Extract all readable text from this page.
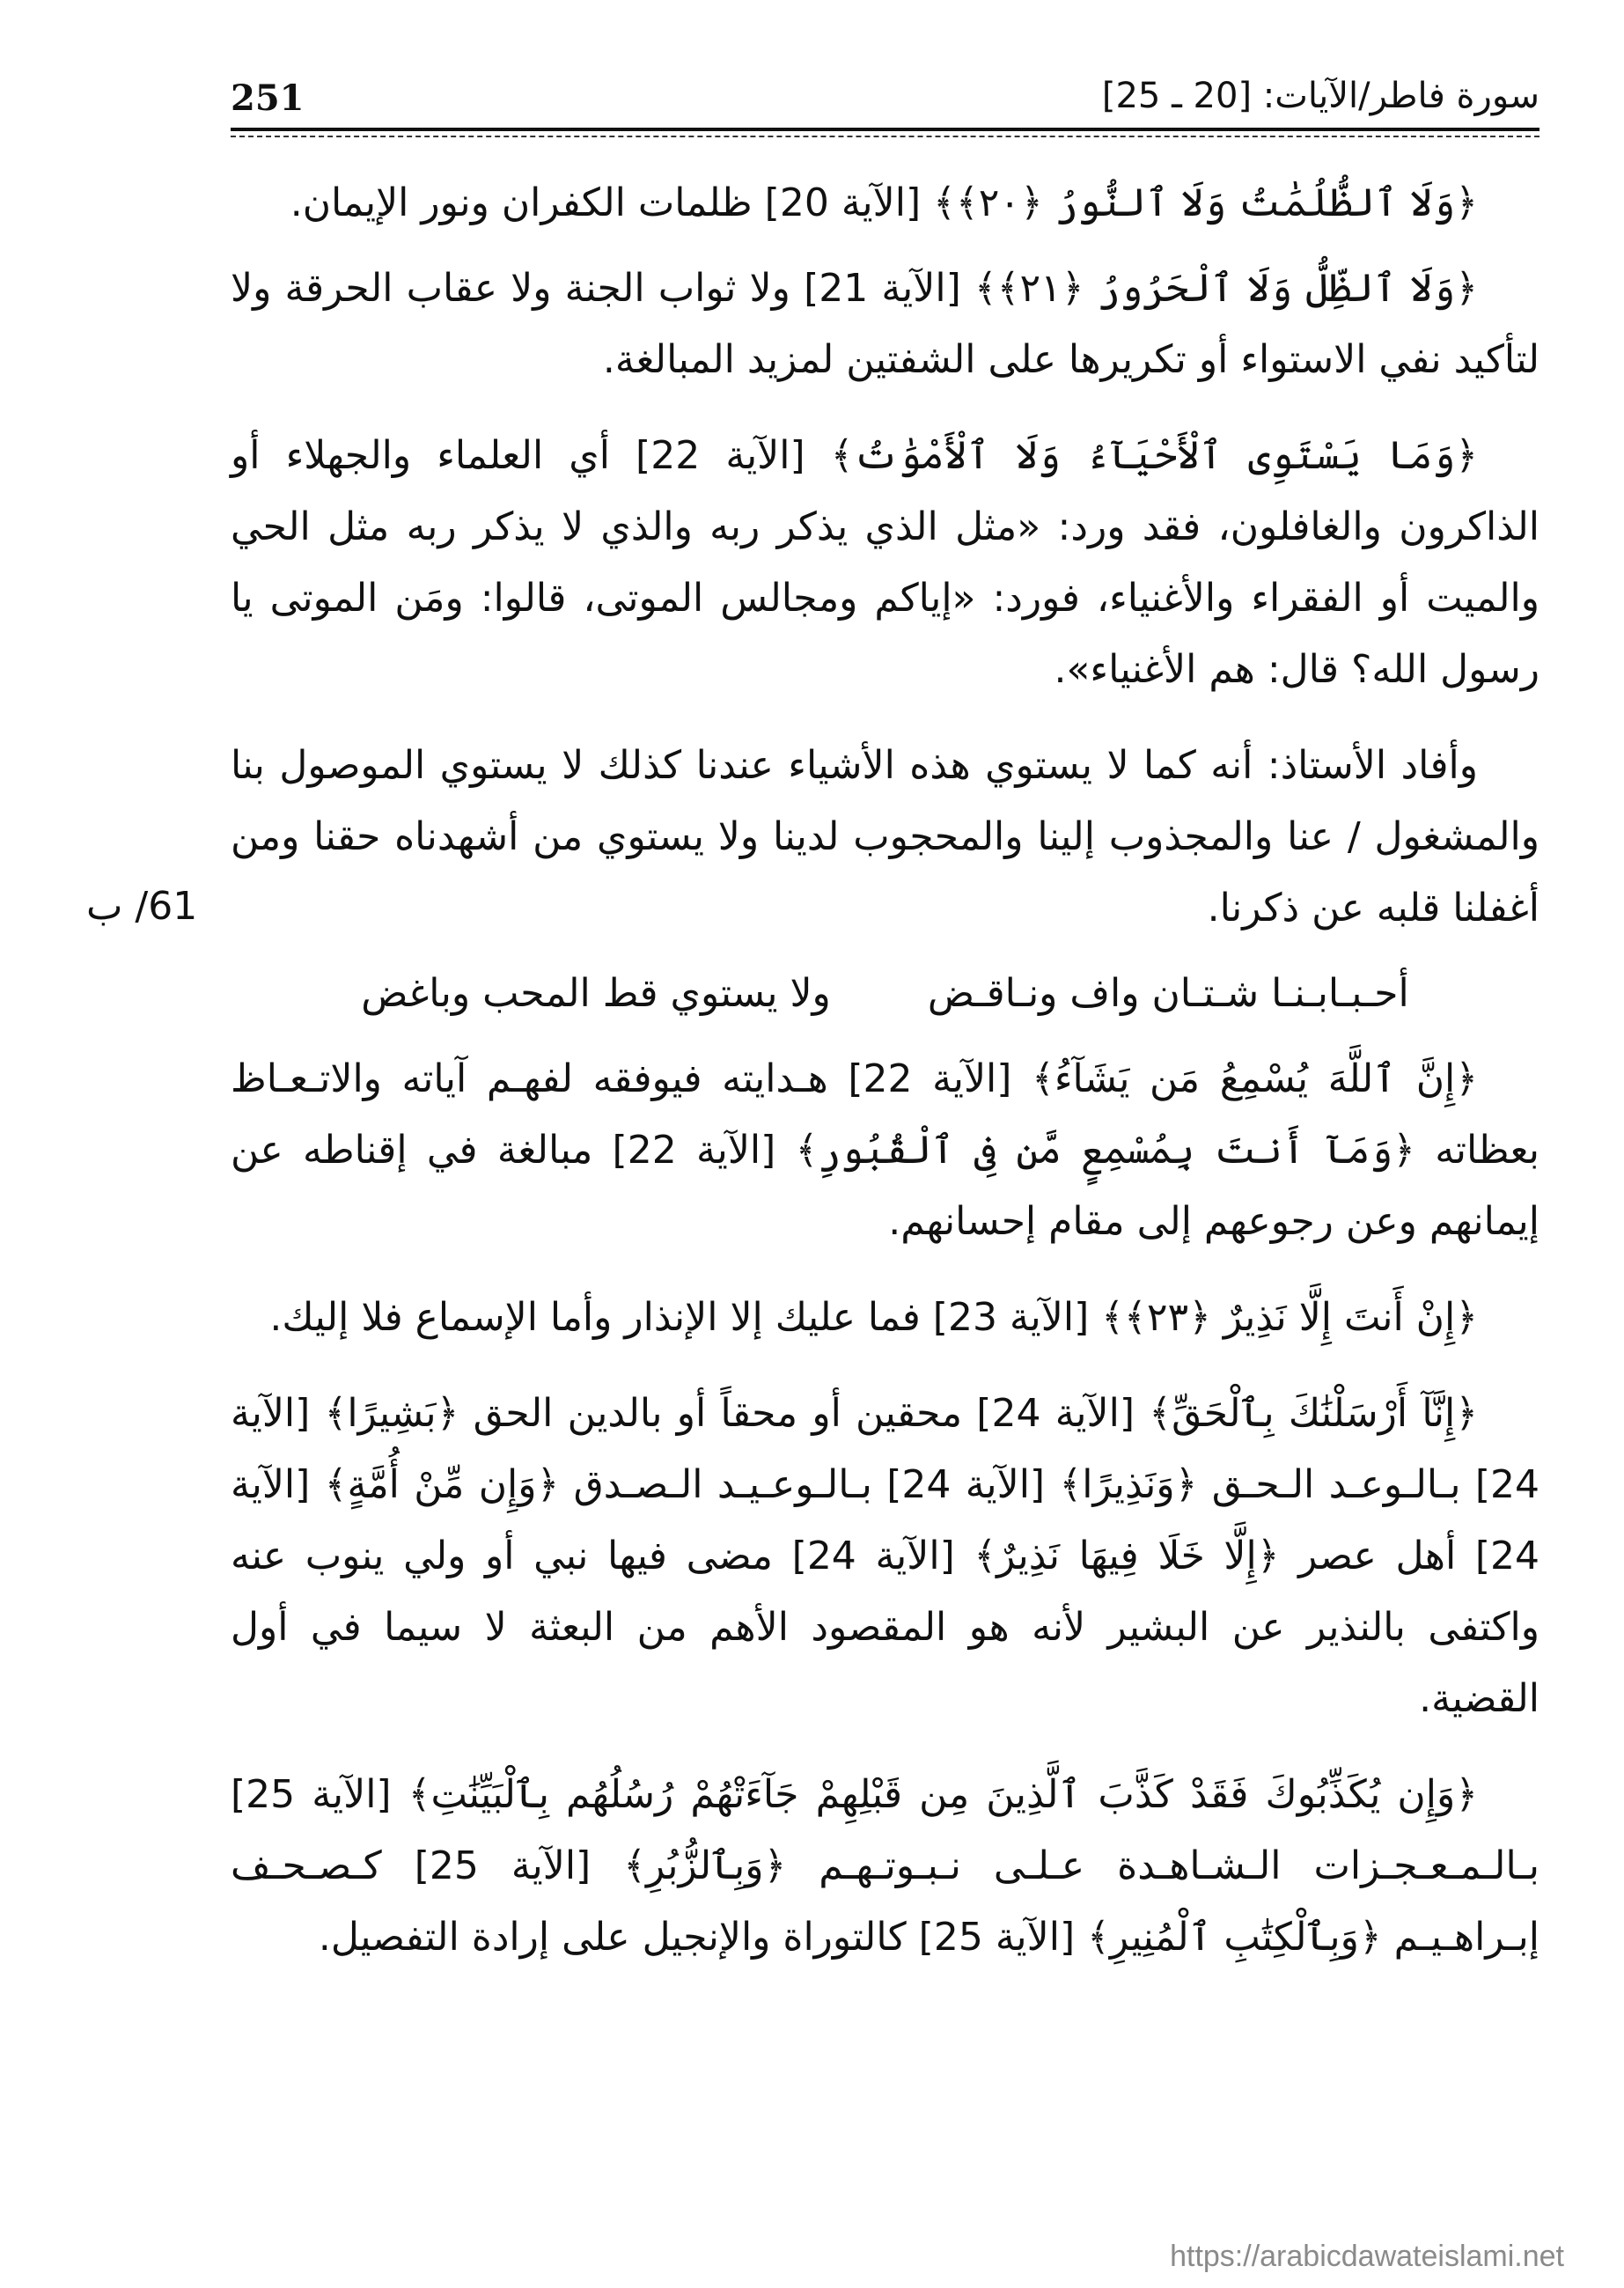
251	سورة فاطر/الآيات: [20 ـ 25]
61/ ب

﴿وَلَا ٱلظُّلُمَٰتُ وَلَا ٱلنُّورُ ﴿٢٠﴾﴾ [الآية 20] ظلمات الكفران ونور الإيمان.

﴿وَلَا ٱلظِّلُّ وَلَا ٱلْحَرُورُ ﴿٢١﴾﴾ [الآية 21] ولا ثواب الجنة ولا عقاب الحرقة ولا لتأكيد نفي الاستواء أو تكريرها على الشفتين لمزيد المبالغة.

﴿وَمَا يَسْتَوِى ٱلْأَحْيَآءُ وَلَا ٱلْأَمْوَٰتُ﴾ [الآية 22] أي العلماء والجهلاء أو الذاكرون والغافلون، فقد ورد: «مثل الذي يذكر ربه والذي لا يذكر ربه مثل الحي والميت أو الفقراء والأغنياء، فورد: «إياكم ومجالس الموتى، قالوا: ومَن الموتى يا رسول الله؟ قال: هم الأغنياء».

وأفاد الأستاذ: أنه كما لا يستوي هذه الأشياء عندنا كذلك لا يستوي الموصول بنا والمشغول / عنا والمجذوب إلينا والمحجوب لدينا ولا يستوي من أشهدناه حقنا ومن أغفلنا قلبه عن ذكرنا.

أحـبـابـنـا شـتـان واف ونـاقـض
ولا يستوي قط المحب وباغض

﴿إِنَّ ٱللَّهَ يُسْمِعُ مَن يَشَآءُ﴾ [الآية 22] هـدايته فيوفقه لفهـم آياته والاتـعـاظ بعظاته ﴿وَمَآ أَنتَ بِمُسْمِعٍ مَّن فِى ٱلْقُبُورِ﴾ [الآية 22] مبالغة في إقناطه عن إيمانهم وعن رجوعهم إلى مقام إحسانهم.

﴿إِنْ أَنتَ إِلَّا نَذِيرٌ ﴿٢٣﴾﴾ [الآية 23] فما عليك إلا الإنذار وأما الإسماع فلا إليك.

﴿إِنَّآ أَرْسَلْنَٰكَ بِٱلْحَقِّ﴾ [الآية 24] محقين أو محقاً أو بالدين الحق ﴿بَشِيرًا﴾ [الآية 24] بـالـوعـد الـحـق ﴿وَنَذِيرًا﴾ [الآية 24] بـالـوعـيـد الـصـدق ﴿وَإِن مِّنْ أُمَّةٍ﴾ [الآية 24] أهل عصر ﴿إِلَّا خَلَا فِيهَا نَذِيرٌ﴾ [الآية 24] مضى فيها نبي أو ولي ينوب عنه واكتفى بالنذير عن البشير لأنه هو المقصود الأهم من البعثة لا سيما في أول القضية.

﴿وَإِن يُكَذِّبُوكَ فَقَدْ كَذَّبَ ٱلَّذِينَ مِن قَبْلِهِمْ جَآءَتْهُمْ رُسُلُهُم بِٱلْبَيِّنَٰتِ﴾ [الآية 25] بـالـمـعـجـزات الـشـاهـدة عـلـى نـبـوتـهـم ﴿وَبِٱلزُّبُرِ﴾ [الآية 25] كـصـحـف إبـراهـيـم ﴿وَبِٱلْكِتَٰبِ ٱلْمُنِيرِ﴾ [الآية 25] كالتوراة والإنجيل على إرادة التفصيل.

https://arabicdawateislami.net
